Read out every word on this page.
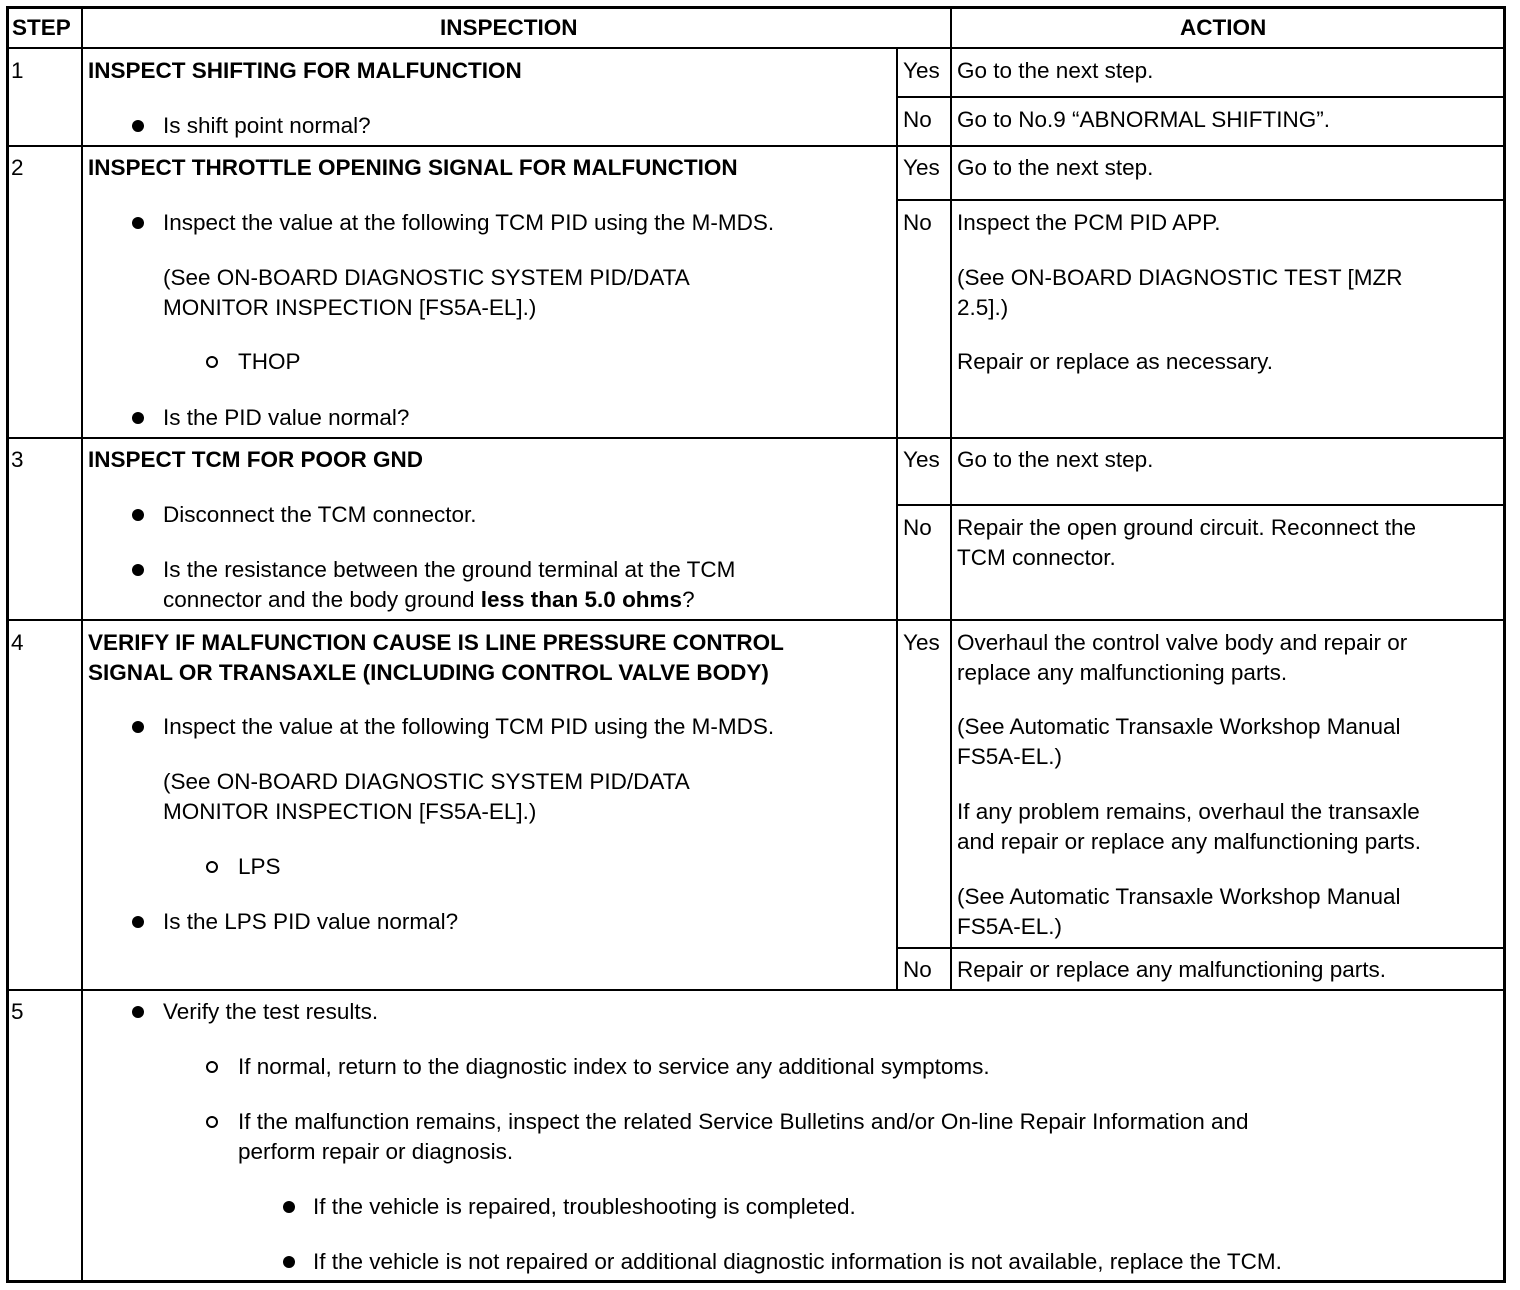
STEP	INSPECTION	ACTION
1	INSPECT SHIFTING FOR MALFUNCTION
Is shift point normal?
Yes Go to the next step.
No Go to No.9 “ABNORMAL SHIFTING”.
2	INSPECT THROTTLE OPENING SIGNAL FOR MALFUNCTION
Inspect the value at the following TCM PID using the M-MDS.
(See ON-BOARD DIAGNOSTIC SYSTEM PID/DATA
MONITOR INSPECTION [FS5A-EL].)
THOP
Is the PID value normal?
Yes Go to the next step.
No Inspect the PCM PID APP.
(See ON-BOARD DIAGNOSTIC TEST [MZR
2.5].)
Repair or replace as necessary.
3	INSPECT TCM FOR POOR GND
Disconnect the TCM connector.
Is the resistance between the ground terminal at the TCM
connector and the body ground less than 5.0 ohms?
Yes Go to the next step.
No Repair the open ground circuit. Reconnect the
TCM connector.
4	VERIFY IF MALFUNCTION CAUSE IS LINE PRESSURE CONTROL
SIGNAL OR TRANSAXLE (INCLUDING CONTROL VALVE BODY)
Inspect the value at the following TCM PID using the M-MDS.
(See ON-BOARD DIAGNOSTIC SYSTEM PID/DATA
MONITOR INSPECTION [FS5A-EL].)
LPS
Is the LPS PID value normal?
Yes Overhaul the control valve body and repair or
replace any malfunctioning parts.
(See Automatic Transaxle Workshop Manual
FS5A-EL.)
If any problem remains, overhaul the transaxle
and repair or replace any malfunctioning parts.
(See Automatic Transaxle Workshop Manual
FS5A-EL.)
No Repair or replace any malfunctioning parts.
5	Verify the test results.
If normal, return to the diagnostic index to service any additional symptoms.
If the malfunction remains, inspect the related Service Bulletins and/or On-line Repair Information and
perform repair or diagnosis.
If the vehicle is repaired, troubleshooting is completed.
If the vehicle is not repaired or additional diagnostic information is not available, replace the TCM.
